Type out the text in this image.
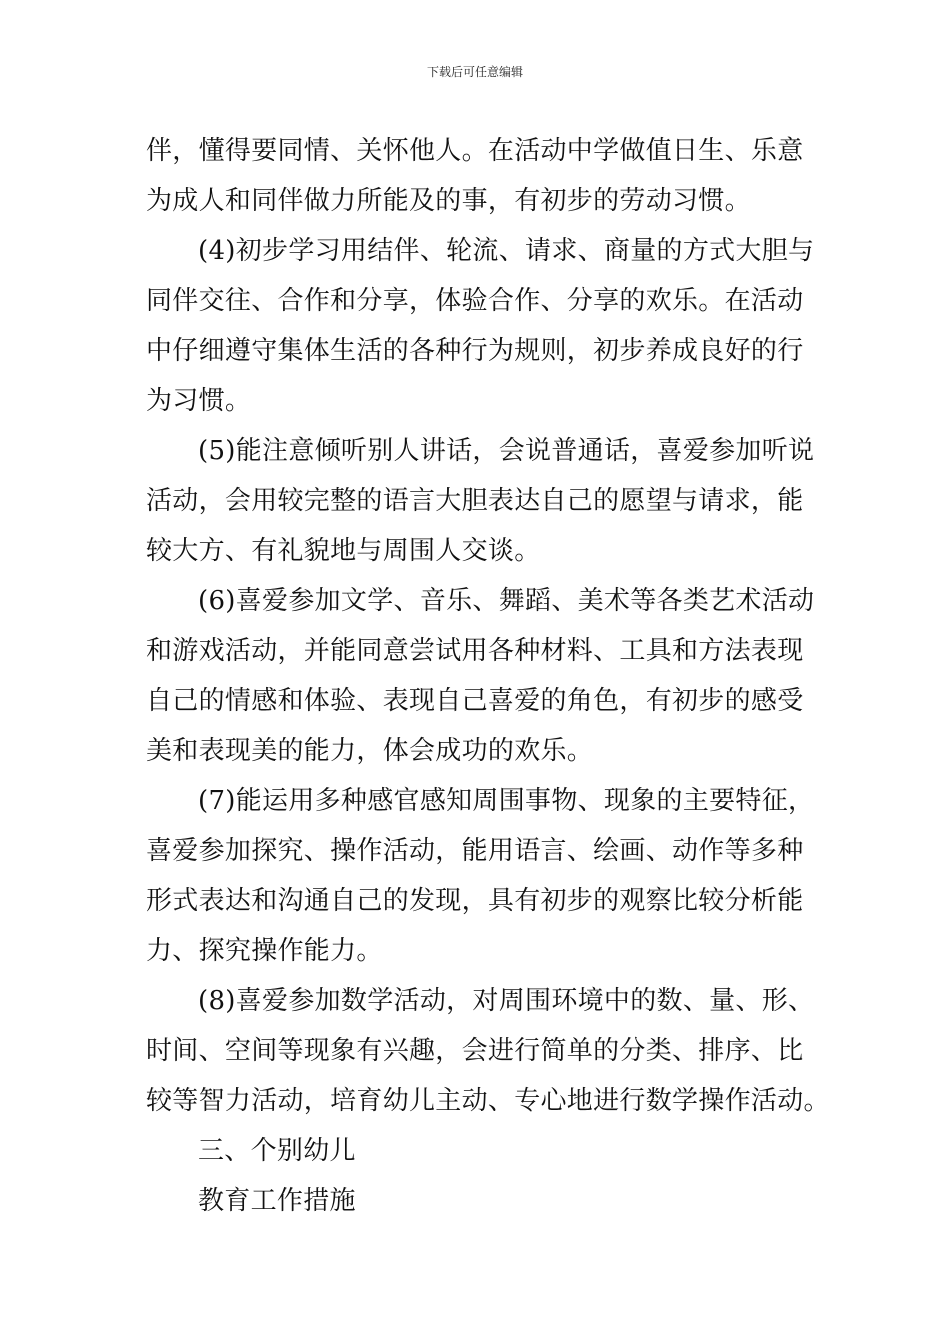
下载后可任意编辑
伴，懂得要同情、关怀他人。在活动中学做值日生、乐意
为成人和同伴做力所能及的事，有初步的劳动习惯。
(4)初步学习用结伴、轮流、请求、商量的方式大胆与
同伴交往、合作和分享，体验合作、分享的欢乐。在活动
中仔细遵守集体生活的各种行为规则，初步养成良好的行
为习惯。
(5)能注意倾听别人讲话，会说普通话，喜爱参加听说
活动，会用较完整的语言大胆表达自己的愿望与请求，能
较大方、有礼貌地与周围人交谈。
(6)喜爱参加文学、音乐、舞蹈、美术等各类艺术活动
和游戏活动，并能同意尝试用各种材料、工具和方法表现
自己的情感和体验、表现自己喜爱的角色，有初步的感受
美和表现美的能力，体会成功的欢乐。
(7)能运用多种感官感知周围事物、现象的主要特征，
喜爱参加探究、操作活动，能用语言、绘画、动作等多种
形式表达和沟通自己的发现，具有初步的观察比较分析能
力、探究操作能力。
(8)喜爱参加数学活动，对周围环境中的数、量、形、
时间、空间等现象有兴趣，会进行简单的分类、排序、比
较等智力活动，培育幼儿主动、专心地进行数学操作活动。
三、个别幼儿
教育工作措施
